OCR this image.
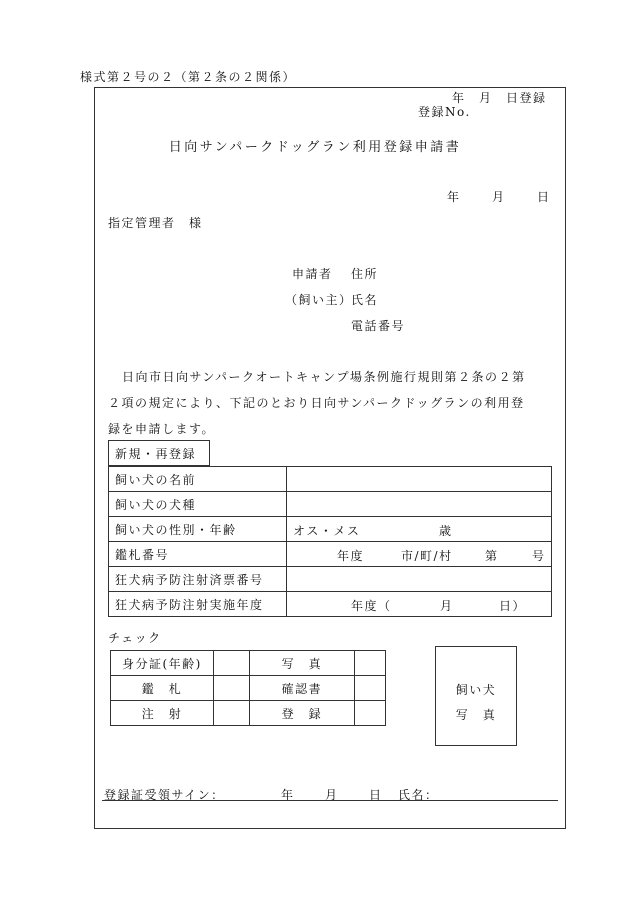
様式第２号の２（第２条の２関係）
年　月　日登録
登録No.
日向サンパークドッグラン利用登録申請書
年	月	日
指定管理者　様
申請者 住所
（飼い主）
氏名
電話番号
日向市日向サンパークオートキャンプ場条例施行規則第２条の２第
２項の規定により、下記のとおり日向サンパークドッグランの利用登
録を申請します。
新規・再登録
飼い犬の名前	
飼い犬の犬種	
飼い犬の性別・年齢	オス・メス 歳

鑑札番号	年度 市/町/村 第 号

狂犬病予防注射済票番号	
狂犬病予防注射実施年度	年度（ 月 日）
チェック
身分証(年齢)		写　真	
鑑　札		確認書	
注　射		登　録	
飼い犬
写　真
登録証受領サイン：	年	月	日 氏名：
